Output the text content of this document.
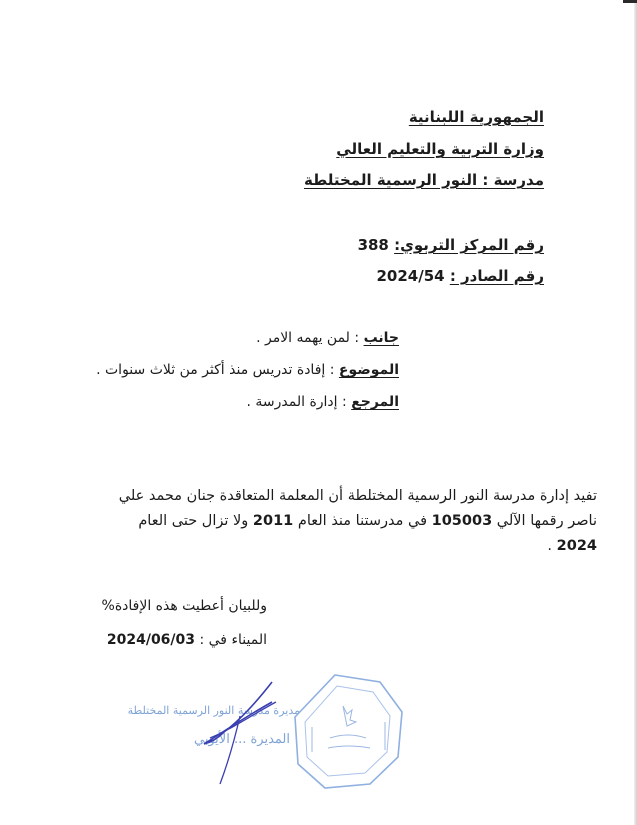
الجمهورية اللبنانية
وزارة التربية والتعليم العالي
مدرسة : النور الرسمية المختلطة
رقم المركز التربوي: 388
رقم الصادر : 2024/54
جانب : لمن يهمه الامر .
الموضوع : إفادة تدريس منذ أكثر من ثلاث سنوات .
المرجع : إدارة المدرسة .
تفيد إدارة مدرسة النور الرسمية المختلطة أن المعلمة المتعاقدة جنان محمد علي
ناصر رقمها الآلي 105003 في مدرستنا منذ العام 2011 ولا تزال حتى العام
2024 .
وللبيان أعطيت هذه الإفادة%
الميناء في : 2024/06/03
مديرة مدرسة النور الرسمية المختلطة
المديرة ... الأيوبي
